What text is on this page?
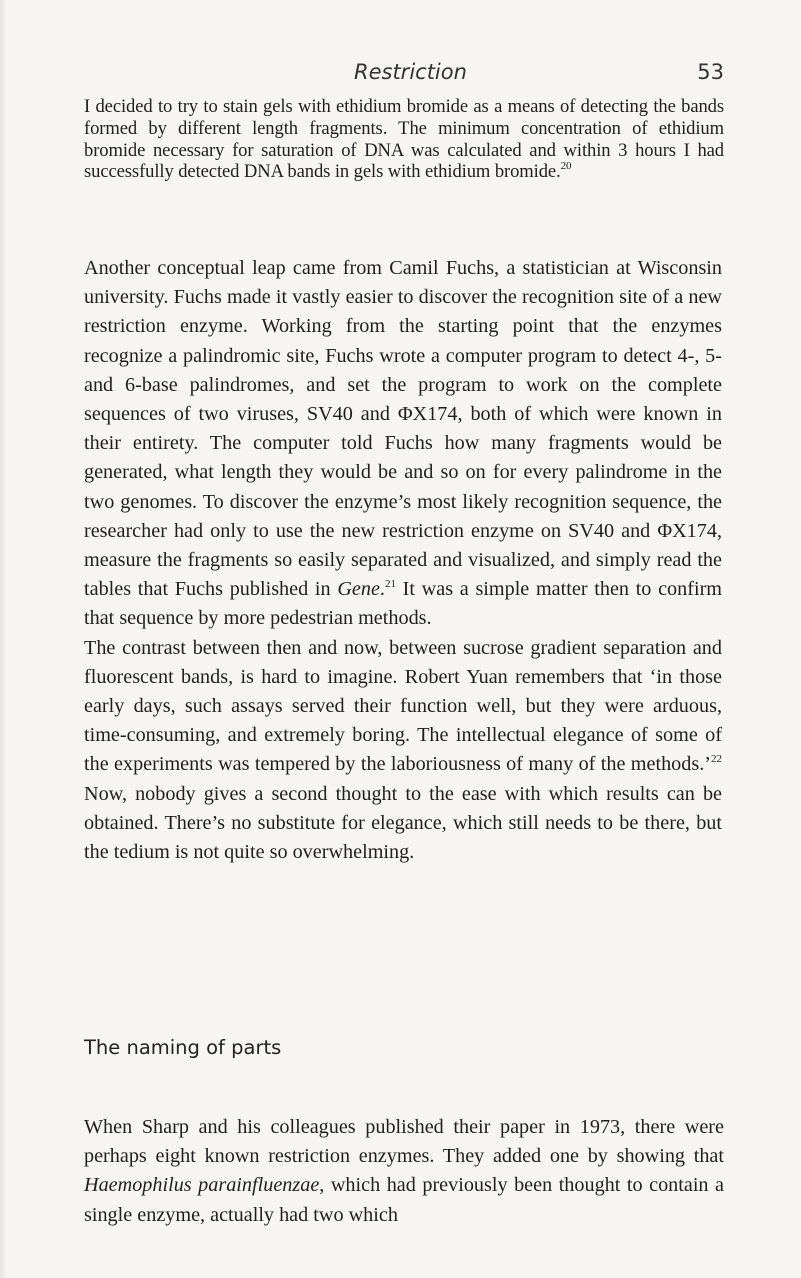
Restriction	53
I decided to try to stain gels with ethidium bromide as a means of detecting the bands formed by different length fragments. The minimum concentration of ethidium bromide necessary for saturation of DNA was calculated and within 3 hours I had successfully detected DNA bands in gels with ethidium bromide.$^{20}$

Another conceptual leap came from Camil Fuchs, a statistician at Wisconsin university. Fuchs made it vastly easier to discover the recognition site of a new restriction enzyme. Working from the starting point that the enzymes recognize a palindromic site, Fuchs wrote a computer program to detect 4-, 5- and 6-base palindromes, and set the program to work on the complete sequences of two viruses, SV40 and ΦX174, both of which were known in their entirety. The computer told Fuchs how many fragments would be generated, what length they would be and so on for every palindrome in the two genomes. To discover the enzyme’s most likely recognition sequence, the researcher had only to use the new restriction enzyme on SV40 and ΦX174, measure the fragments so easily separated and visualized, and simply read the tables that Fuchs published in Gene.$^{21}$ It was a simple matter then to confirm that sequence by more pedestrian methods.

The contrast between then and now, between sucrose gradient separation and fluorescent bands, is hard to imagine. Robert Yuan remembers that ‘in those early days, such assays served their function well, but they were arduous, time-consuming, and extremely boring. The intellectual elegance of some of the experiments was tempered by the laboriousness of many of the methods.’$^{22}$ Now, nobody gives a second thought to the ease with which results can be obtained. There’s no substitute for elegance, which still needs to be there, but the tedium is not quite so overwhelming.

The naming of parts

When Sharp and his colleagues published their paper in 1973, there were perhaps eight known restriction enzymes. They added one by showing that Haemophilus parainfluenzae, which had previously been thought to contain a single enzyme, actually had two which
